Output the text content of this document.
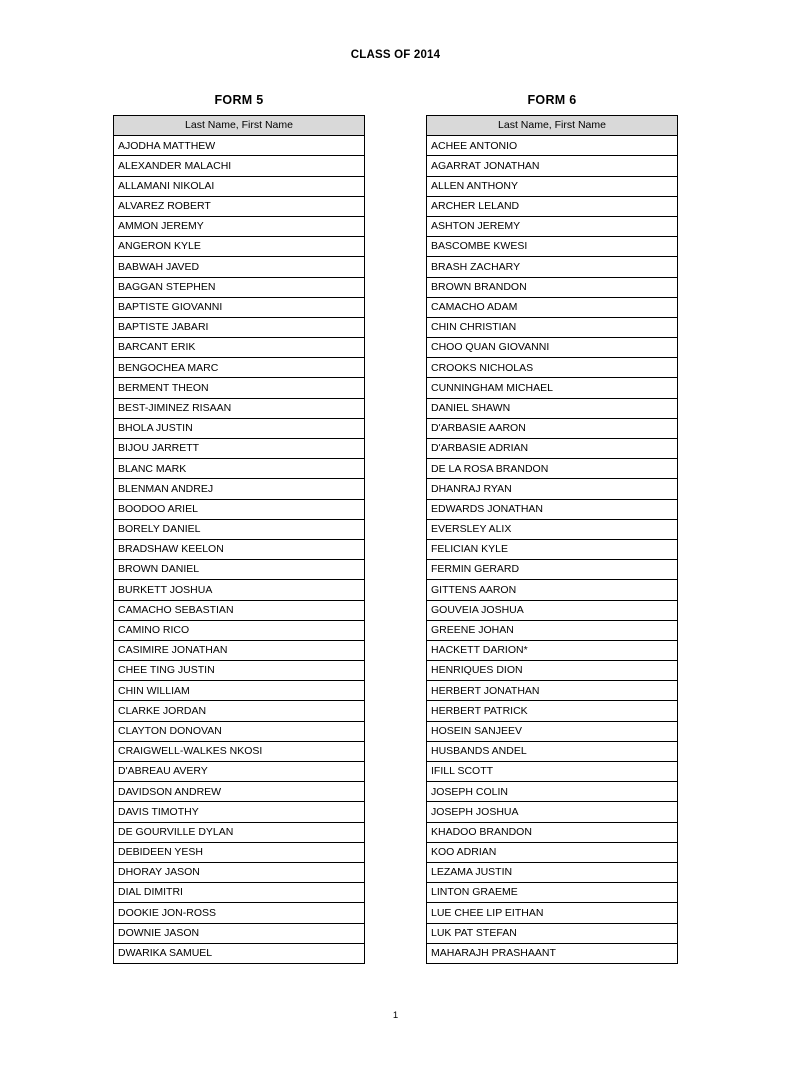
CLASS OF 2014
FORM 5
Last Name, First Name
AJODHA MATTHEW
ALEXANDER MALACHI
ALLAMANI NIKOLAI
ALVAREZ ROBERT
AMMON JEREMY
ANGERON KYLE
BABWAH JAVED
BAGGAN STEPHEN
BAPTISTE GIOVANNI
BAPTISTE JABARI
BARCANT ERIK
BENGOCHEA MARC
BERMENT THEON
BEST-JIMINEZ RISAAN
BHOLA JUSTIN
BIJOU JARRETT
BLANC MARK
BLENMAN ANDREJ
BOODOO ARIEL
BORELY DANIEL
BRADSHAW KEELON
BROWN DANIEL
BURKETT JOSHUA
CAMACHO SEBASTIAN
CAMINO RICO
CASIMIRE JONATHAN
CHEE TING JUSTIN
CHIN WILLIAM
CLARKE JORDAN
CLAYTON DONOVAN
CRAIGWELL-WALKES NKOSI
D'ABREAU AVERY
DAVIDSON ANDREW
DAVIS TIMOTHY
DE GOURVILLE DYLAN
DEBIDEEN YESH
DHORAY JASON
DIAL DIMITRI
DOOKIE JON-ROSS
DOWNIE JASON
DWARIKA SAMUEL
FORM 6
Last Name, First Name
ACHEE ANTONIO
AGARRAT JONATHAN
ALLEN ANTHONY
ARCHER LELAND
ASHTON JEREMY
BASCOMBE KWESI
BRASH ZACHARY
BROWN BRANDON
CAMACHO ADAM
CHIN CHRISTIAN
CHOO QUAN GIOVANNI
CROOKS NICHOLAS
CUNNINGHAM MICHAEL
DANIEL SHAWN
D'ARBASIE AARON
D'ARBASIE ADRIAN
DE LA ROSA BRANDON
DHANRAJ RYAN
EDWARDS JONATHAN
EVERSLEY ALIX
FELICIAN KYLE
FERMIN GERARD
GITTENS AARON
GOUVEIA JOSHUA
GREENE JOHAN
HACKETT DARION*
HENRIQUES DION
HERBERT JONATHAN
HERBERT PATRICK
HOSEIN SANJEEV
HUSBANDS ANDEL
IFILL SCOTT
JOSEPH COLIN
JOSEPH JOSHUA
KHADOO BRANDON
KOO ADRIAN
LEZAMA JUSTIN
LINTON GRAEME
LUE CHEE LIP EITHAN
LUK PAT STEFAN
MAHARAJH PRASHAANT
1
